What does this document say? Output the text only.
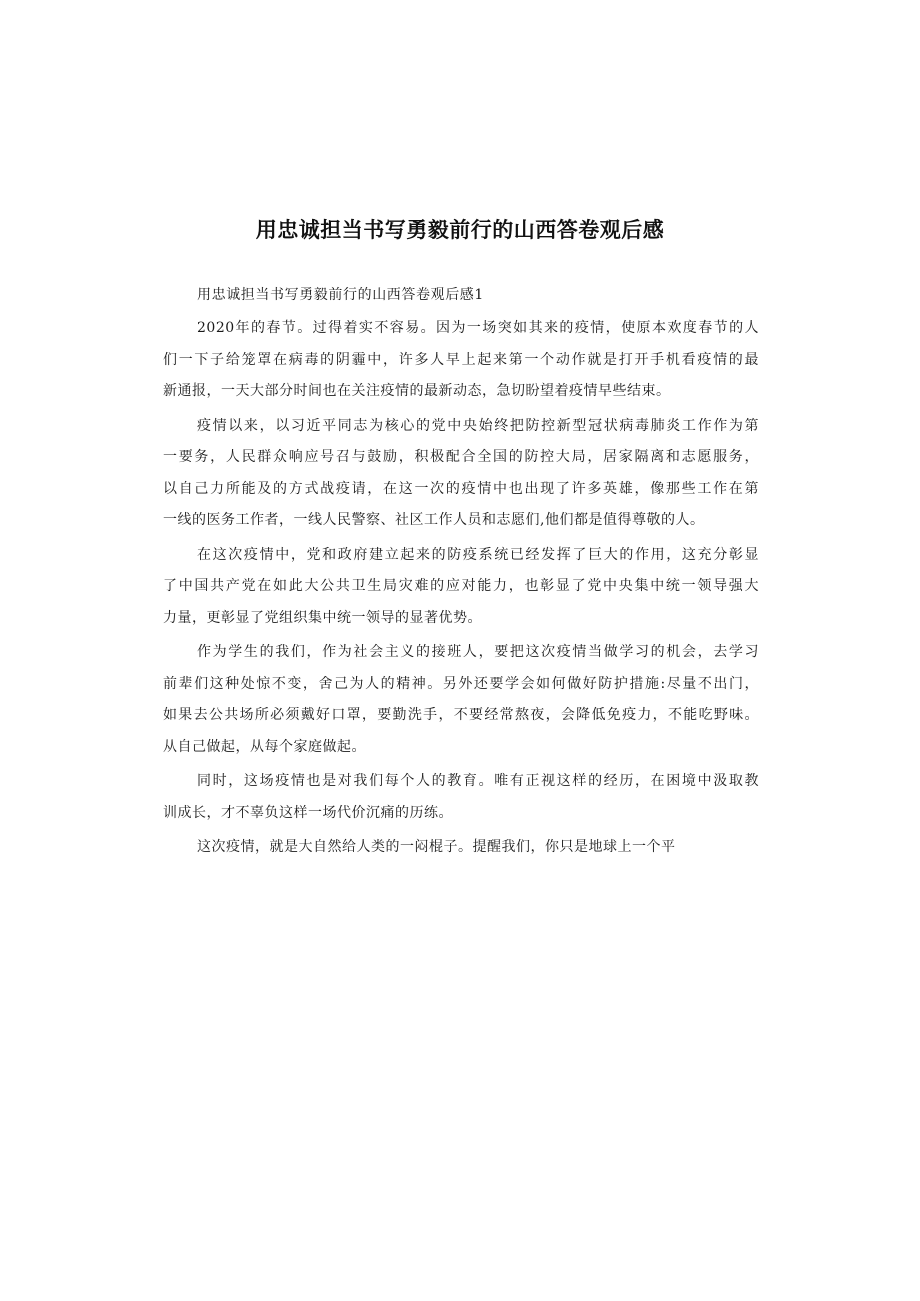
用忠诚担当书写勇毅前行的山西答卷观后感

用忠诚担当书写勇毅前行的山西答卷观后感1

2020年的春节。过得着实不容易。因为一场突如其来的疫情，使原本欢度春节的人
们一下子给笼罩在病毒的阴霾中，许多人早上起来第一个动作就是打开手机看疫情的最
新通报，一天大部分时间也在关注疫情的最新动态，急切盼望着疫情早些结束。

疫情以来，以习近平同志为核心的党中央始终把防控新型冠状病毒肺炎工作作为第
一要务，人民群众响应号召与鼓励，积极配合全国的防控大局，居家隔离和志愿服务，
以自己力所能及的方式战疫请，在这一次的疫情中也出现了许多英雄，像那些工作在第
一线的医务工作者，一线人民警察、社区工作人员和志愿们,他们都是值得尊敬的人。

在这次疫情中，党和政府建立起来的防疫系统已经发挥了巨大的作用，这充分彰显
了中国共产党在如此大公共卫生局灾难的应对能力，也彰显了党中央集中统一领导强大
力量，更彰显了党组织集中统一领导的显著优势。

作为学生的我们，作为社会主义的接班人，要把这次疫情当做学习的机会，去学习
前辈们这种处惊不变，舍己为人的精神。另外还要学会如何做好防护措施:尽量不出门，
如果去公共场所必须戴好口罩，要勤洗手，不要经常熬夜，会降低免疫力，不能吃野味。
从自己做起，从每个家庭做起。

同时，这场疫情也是对我们每个人的教育。唯有正视这样的经历，在困境中汲取教
训成长，才不辜负这样一场代价沉痛的历练。

这次疫情，就是大自然给人类的一闷棍子。提醒我们，你只是地球上一个平
